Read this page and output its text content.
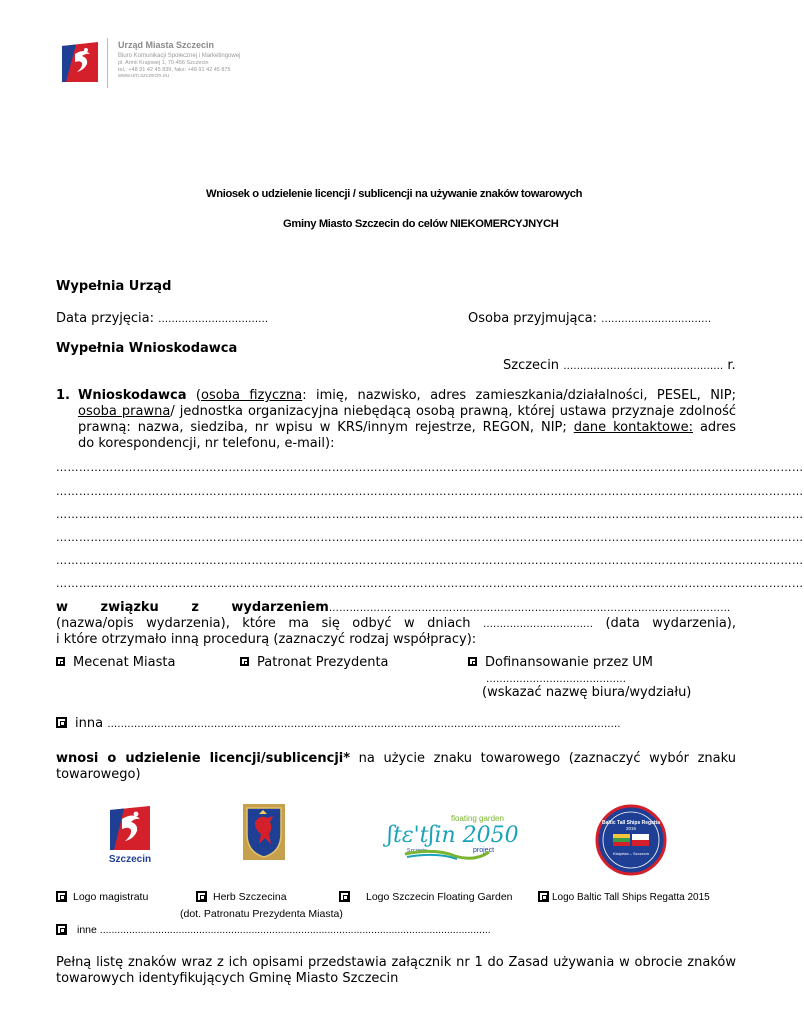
Urząd Miasta Szczecin
Biuro Komunikacji Społecznej i Marketingowej
pl. Armii Krajowej 1, 70-456 Szczecin
tel.: +48 91 42 45 839, faks: +48 91 42 45 875
www.um.szczecin.eu
Wniosek o udzielenie licencji / sublicencji na używanie znaków towarowych
Gminy Miasto Szczecin do celów NIEKOMERCYJNYCH
Wypełnia Urząd
Data przyjęcia: ……………………………	Osoba przyjmująca: ……………………………
Wypełnia Wnioskodawca
Szczecin ………………………………………… r.
1. Wnioskodawca (osoba fizyczna: imię, nazwisko, adres zamieszkania/działalności, PESEL, NIP;
osoba prawna/ jednostka organizacyjna niebędącą osobą prawną, której ustawa przyznaje zdolność
prawną: nazwa, siedziba, nr wpisu w KRS/innym rejestrze, REGON, NIP; dane kontaktowe: adres
do korespondencji, nr telefonu, e-mail):
……………………………………………………………………………………………………………………………………………………………………………
……………………………………………………………………………………………………………………………………………………………………………
……………………………………………………………………………………………………………………………………………………………………………
……………………………………………………………………………………………………………………………………………………………………………
……………………………………………………………………………………………………………………………………………………………………………
……………………………………………………………………………………………………………………………………………………………………………
w związku z wydarzeniem………………………………………………………………………………………………………
(nazwa/opis wydarzenia), które ma się odbyć w dniach …………………………… (data wydarzenia),
i które otrzymało inną procedurą (zaznaczyć rodzaj współpracy):
Mecenat Miasta	Patronat Prezydenta	Dofinansowanie przez UM
……………………………………
(wskazać nazwę biura/wydziału)
inna ……………………………………………………………………………………………………………………………………….
wnosi o udzielenie licencji/sublicencji* na użycie znaku towarowego (zaznaczyć wybór znaku
towarowego)
Szczecin
ʃtɛ'tʃin 2050
floating garden
project
Szczecin
Baltic Tall Ships Regatta
2015
Klaipėda – Szczecin
Logo magistratu	Herb Szczecina
(dot. Patronatu Prezydenta Miasta)
Logo Szczecin Floating Garden	Logo Baltic Tall Ships Regatta 2015
inne ......................................................................................................................................
Pełną listę znaków wraz z ich opisami przedstawia załącznik nr 1 do Zasad używania w obrocie znaków
towarowych identyfikujących Gminę Miasto Szczecin
